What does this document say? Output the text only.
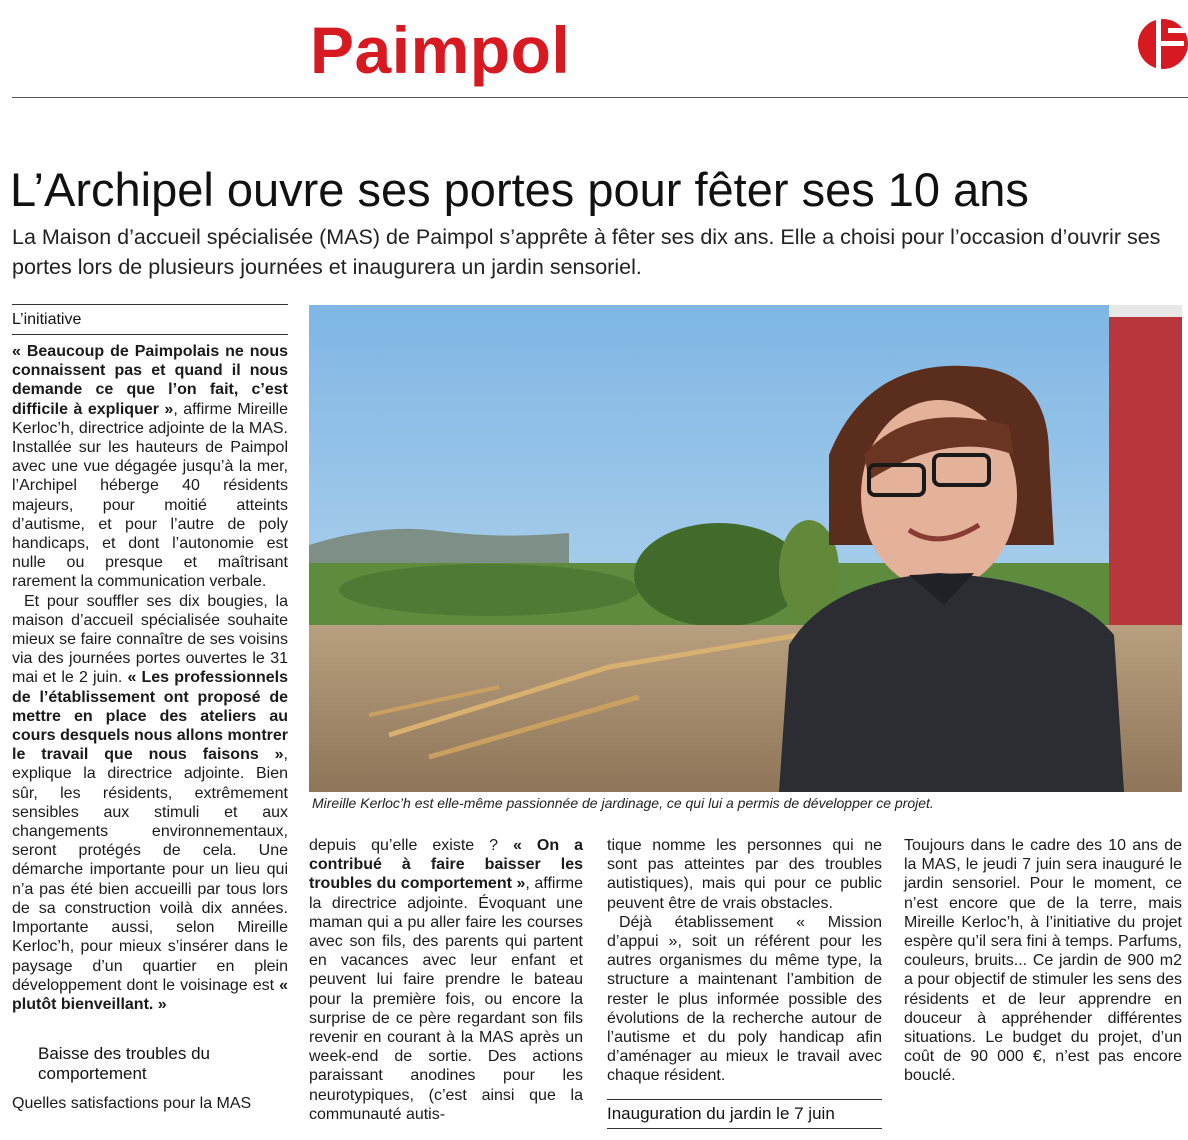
Paimpol
L’Archipel ouvre ses portes pour fêter ses 10 ans
La Maison d’accueil spécialisée (MAS) de Paimpol s’apprête à fêter ses dix ans. Elle a choisi pour l’occasion d’ouvrir ses portes lors de plusieurs journées et inaugurera un jardin sensoriel.
L’initiative

« Beaucoup de Paimpolais ne nous connaissent pas et quand il nous demande ce que l’on fait, c’est difficile à expliquer », affirme Mireille Kerloc’h, directrice adjointe de la MAS. Installée sur les hauteurs de Paimpol avec une vue dégagée jusqu’à la mer, l’Archipel héberge 40 résidents majeurs, pour moitié atteints d’autisme, et pour l’autre de poly handicaps, et dont l’autonomie est nulle ou presque et maîtrisant rarement la communication verbale.

Et pour souffler ses dix bougies, la maison d’accueil spécialisée souhaite mieux se faire connaître de ses voisins via des journées portes ouvertes le 31 mai et le 2 juin. « Les professionnels de l’établissement ont proposé de mettre en place des ateliers au cours desquels nous allons montrer le travail que nous faisons », explique la directrice adjointe. Bien sûr, les résidents, extrêmement sensibles aux stimuli et aux changements environnementaux, seront protégés de cela. Une démarche importante pour un lieu qui n’a pas été bien accueilli par tous lors de sa construction voilà dix années. Importante aussi, selon Mireille Kerloc’h, pour mieux s’insérer dans le paysage d’un quartier en plein développement dont le voisinage est « plutôt bienveillant. »

Baisse des troubles du comportement

Quelles satisfactions pour la MAS

Mireille Kerloc’h est elle-même passionnée de jardinage, ce qui lui a permis de développer ce projet.

depuis qu’elle existe ? « On a contribué à faire baisser les troubles du comportement », affirme la directrice adjointe. Évoquant une maman qui a pu aller faire les courses avec son fils, des parents qui partent en vacances avec leur enfant et peuvent lui faire prendre le bateau pour la première fois, ou encore la surprise de ce père regardant son fils revenir en courant à la MAS après un week-end de sortie. Des actions paraissant anodines pour les neurotypiques, (c’est ainsi que la communauté autis-

tique nomme les personnes qui ne sont pas atteintes par des troubles autistiques), mais qui pour ce public peuvent être de vrais obstacles.

Déjà établissement « Mission d’appui », soit un référent pour les autres organismes du même type, la structure a maintenant l’ambition de rester le plus informée possible des évolutions de la recherche autour de l’autisme et du poly handicap afin d’aménager au mieux le travail avec chaque résident.

Inauguration du jardin le 7 juin

Toujours dans le cadre des 10 ans de la MAS, le jeudi 7 juin sera inauguré le jardin sensoriel. Pour le moment, ce n’est encore que de la terre, mais Mireille Kerloc’h, à l’initiative du projet espère qu’il sera fini à temps. Parfums, couleurs, bruits... Ce jardin de 900 m2 a pour objectif de stimuler les sens des résidents et de leur apprendre en douceur à appréhender différentes situations. Le budget du projet, d’un coût de 90 000 €, n’est pas encore bouclé.
